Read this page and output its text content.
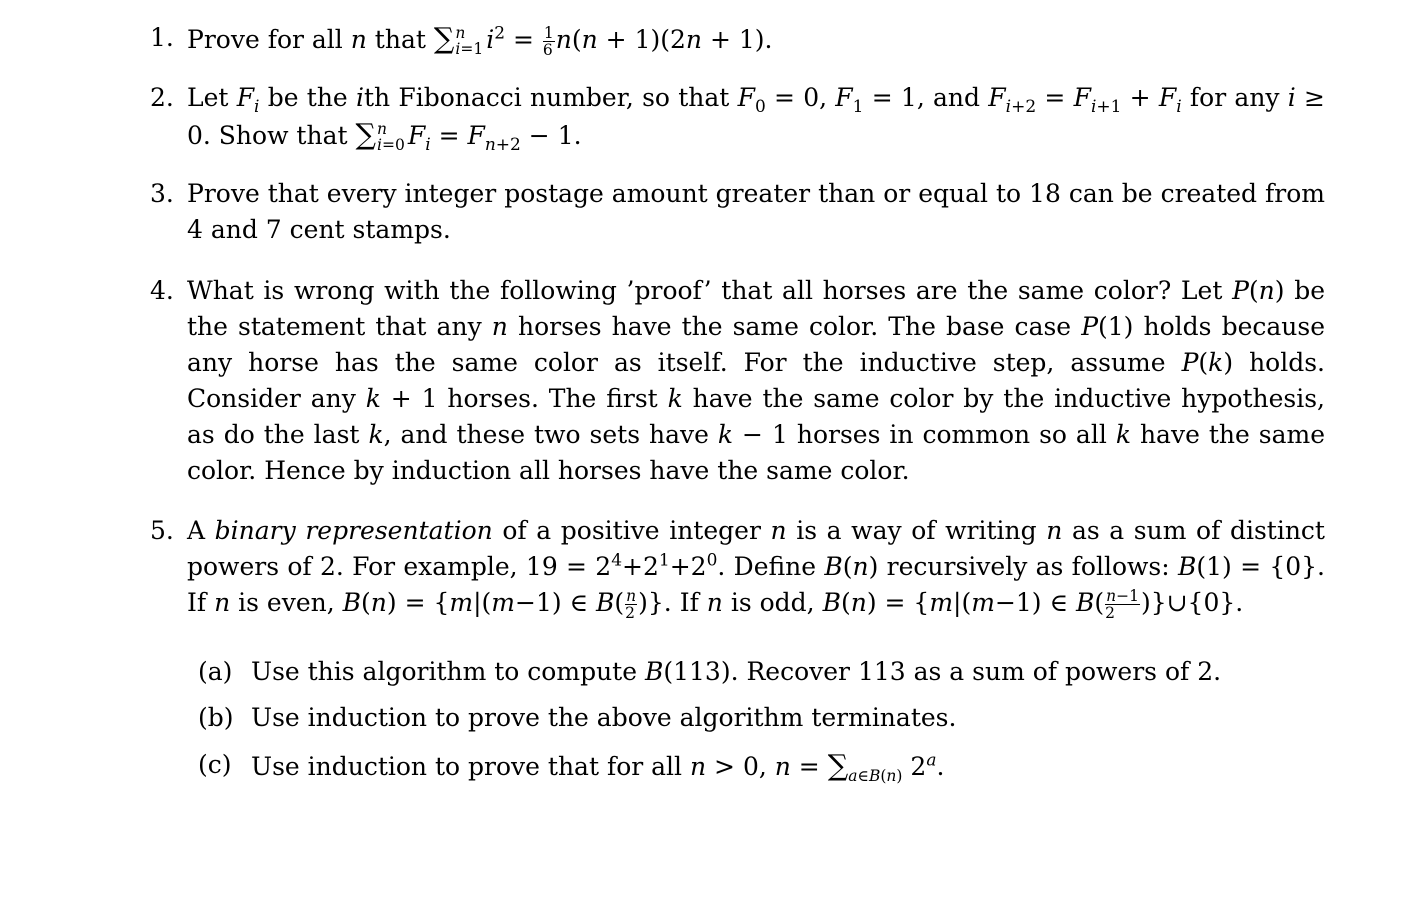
1. Prove for all n that ∑ n
i=1 $i^2 = \frac{1}{6} n(n + 1)(2n + 1)$.
2. Let $F_i$ be the ith Fibonacci number, so that $F_0 = 0$, $F_1 = 1$, and $F_{i+2} = F_{i+1} + F_i$ for any i ≥ 0. Show that ∑ n
i=0 $F_i = F_{n+2} - 1$.
3. Prove that every integer postage amount greater than or equal to 18 can be created from 4 and 7 cent stamps.
4. What is wrong with the following ’proof’ that all horses are the same color? Let P(n) be the statement that any n horses have the same color. The base case P(1) holds because any horse has the same color as itself. For the inductive step, assume P(k) holds. Consider any k + 1 horses. The first k have the same color by the inductive hypothesis, as do the last k, and these two sets have k − 1 horses in common so all k have the same color. Hence by induction all horses have the same color.
5. A binary representation of a positive integer n is a way of writing n as a sum of distinct powers of 2. For example, $19 = 2^4+2^1+2^0$. Define B(n) recursively as follows: B(1) = {0}. If n is even, B(n) = {m|(m−1) ∈ $B( \frac{n}{2}$ )}. If n is odd, B(n) = {m|(m−1) ∈ $B( \frac{n-1}{2}$ )}∪{0}.
(a) Use this algorithm to compute B(113). Recover 113 as a sum of powers of 2.
(b) Use induction to prove the above algorithm terminates.
(c) Use induction to prove that for all n > 0, $n = \sum_{a\in B(n)}$ 2$^a$.
